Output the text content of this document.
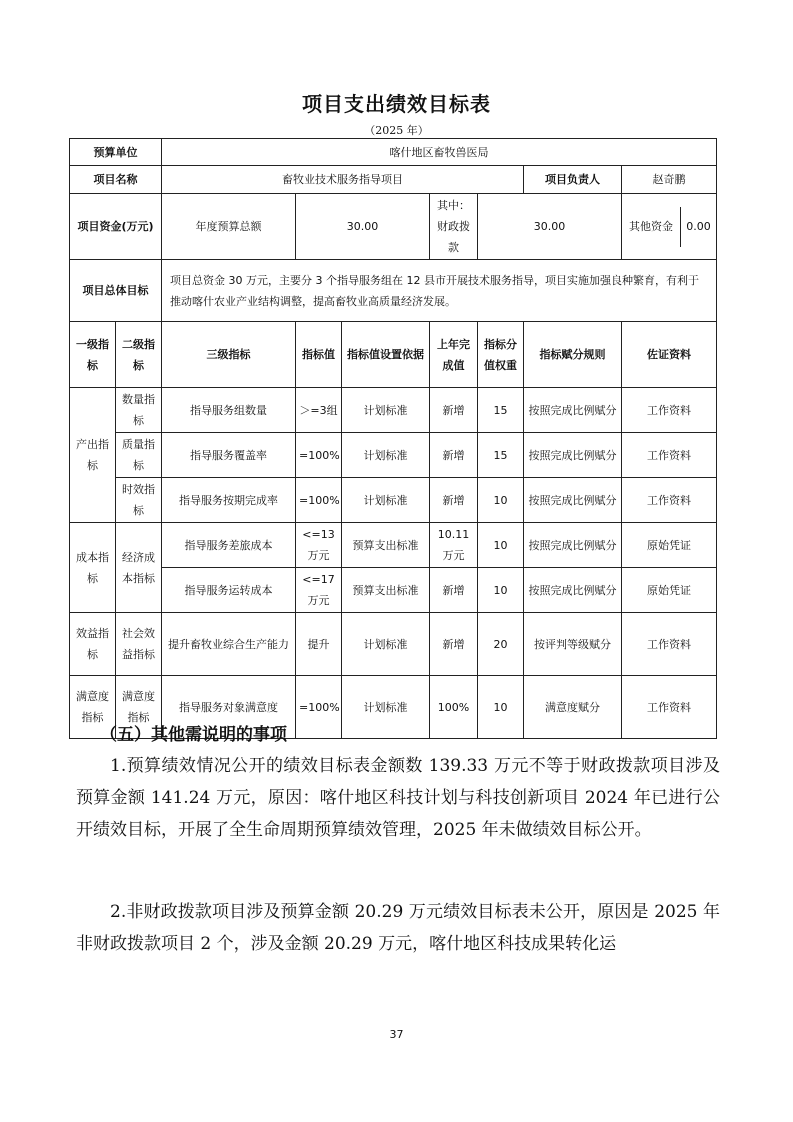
项目支出绩效目标表
（2025 年）
预算单位		喀什地区畜牧兽医局						
项目名称		畜牧业技术服务指导项目					项目负责人	赵奇鹏
项目资金(万元)		年度预算总额	30.00		其中：财政拨款	30.00		其他资金 0.00

项目总体目标		项目总资金 30 万元，主要分 3 个指导服务组在 12 县市开展技术服务指导，项目实施加强良种繁育，有利于推动喀什农业产业结构调整，提高畜牧业高质量经济发展。						
一级指标	二级指标	三级指标	指标值	指标值设置依据	上年完成值	指标分值权重	指标赋分规则	佐证资料
产出指标	数量指标	指导服务组数量	＞=3组	计划标准	新增	15	按照完成比例赋分	工作资料
	质量指标	指导服务覆盖率	=100%	计划标准	新增	15	按照完成比例赋分	工作资料
	时效指标	指导服务按期完成率	=100%	计划标准	新增	10	按照完成比例赋分	工作资料
成本指标	经济成本指标	指导服务差旅成本	<=13万元	预算支出标准	10.11万元	10	按照完成比例赋分	原始凭证
		指导服务运转成本	<=17万元	预算支出标准	新增	10	按照完成比例赋分	原始凭证
效益指标	社会效益指标	提升畜牧业综合生产能力	提升	计划标准	新增	20	按评判等级赋分	工作资料
满意度指标	满意度指标	指导服务对象满意度	=100%	计划标准	100%	10	满意度赋分	工作资料
（五）其他需说明的事项
1.预算绩效情况公开的绩效目标表金额数 139.33 万元不等于财政拨款项目涉及预算金额 141.24 万元，原因：喀什地区科技计划与科技创新项目 2024 年已进行公开绩效目标，开展了全生命周期预算绩效管理，2025 年未做绩效目标公开。
2.非财政拨款项目涉及预算金额 20.29 万元绩效目标表未公开，原因是 2025 年非财政拨款项目 2 个，涉及金额 20.29 万元，喀什地区科技成果转化运
37
